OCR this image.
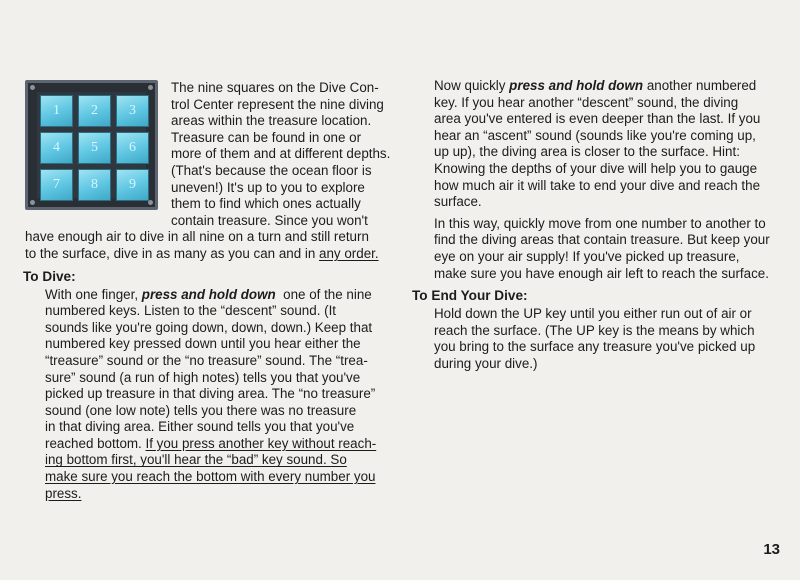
1	2	3
4	5	6
7	8	9

The nine squares on the Dive Con-

trol Center represent the nine diving

areas within the treasure location.

Treasure can be found in one or

more of them and at different depths.

(That's because the ocean floor is

uneven!) It's up to you to explore

them to find which ones actually

contain treasure. Since you won't

have enough air to dive in all nine on a turn and still return

to the surface, dive in as many as you can and in any order.

To Dive:

With one finger, press and hold down  one of the nine

numbered keys. Listen to the “descent” sound. (It

sounds like you're going down, down, down.) Keep that

numbered key pressed down until you hear either the

“treasure” sound or the “no treasure” sound. The “trea-

sure” sound (a run of high notes) tells you that you've

picked up treasure in that diving area. The “no treasure”

sound (one low note) tells you there was no treasure

in that diving area. Either sound tells you that you've

reached bottom. If you press another key without reach-

ing bottom first, you'll hear the “bad” key sound. So

make sure you reach the bottom with every number you

press.

Now quickly press and hold down another numbered

key. If you hear another “descent” sound, the diving

area you've entered is even deeper than the last. If you

hear an “ascent” sound (sounds like you're coming up,

up up), the diving area is closer to the surface. Hint:

Knowing the depths of your dive will help you to gauge

how much air it will take to end your dive and reach the

surface.

In this way, quickly move from one number to another to

find the diving areas that contain treasure. But keep your

eye on your air supply! If you've picked up treasure,

make sure you have enough air left to reach the surface.

To End Your Dive:

Hold down the UP key until you either run out of air or

reach the surface. (The UP key is the means by which

you bring to the surface any treasure you've picked up

during your dive.)

13
